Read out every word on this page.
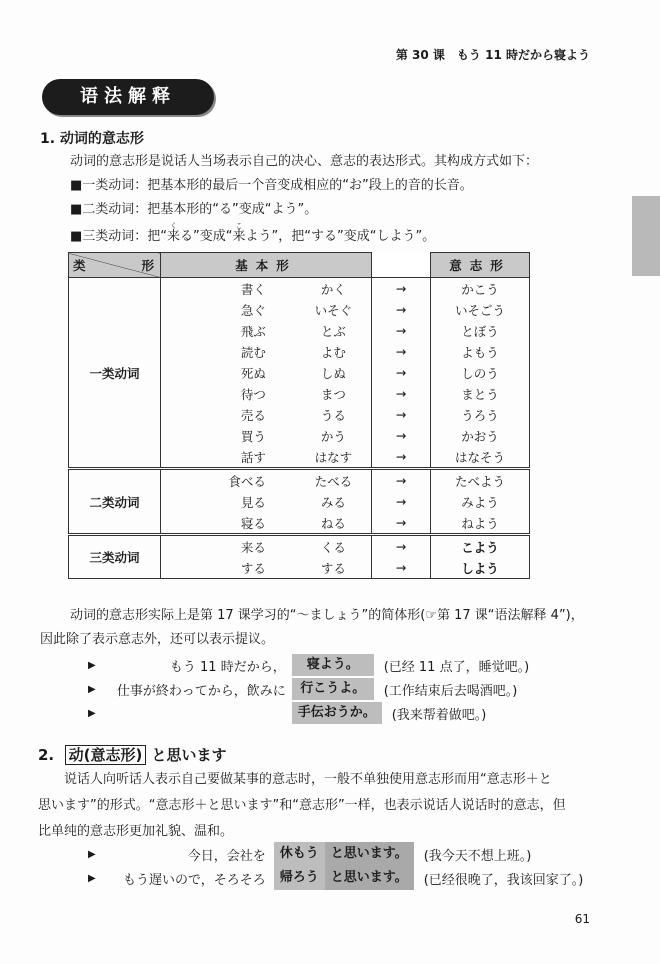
第 30 课　もう 11 時だから寝よう
语法解释
1. 动词的意志形
动词的意志形是说话人当场表示自己的决心、意志的表达形式。其构成方式如下：
■一类动词：把基本形的最后一个音变成相应的“お”段上的音的长音。
■二类动词：把基本形的“る”变成“よう”。
■三类动词：把“来くる”变成“来こよう”，把“する”变成“しよう”。
类 形	基本形			意志形
一类动词	書く	かく	→	かこう
	急ぐ	いそぐ	→	いそごう
	飛ぶ	とぶ	→	とぼう
	読む	よむ	→	よもう
	死ぬ	しぬ	→	しのう
	待つ	まつ	→	まとう
	売る	うる	→	うろう
	買う	かう	→	かおう
	話す	はなす	→	はなそう
二类动词	食べる	たべる	→	たべよう
	見る	みる	→	みよう
	寝る	ねる	→	ねよう
三类动词	来る	くる	→	こよう
	する	する	→	しよう
动词的意志形实际上是第 17 课学习的“～ましょう”的简体形(☞第 17 课“语法解释 4”)，
因此除了表示意志外，还可以表示提议。
▶	もう 11 時だから，	寝よう。	(已经 11 点了，睡觉吧。)
▶	仕事が終わってから，飲みに	行こうよ。	(工作结束后去喝酒吧。)
▶	手伝おうか。	(我来帮着做吧。)
2. 动(意志形) と思います
说话人向听话人表示自己要做某事的意志时，一般不单独使用意志形而用“意志形＋と
思います”的形式。“意志形＋と思います”和“意志形”一样，也表示说话人说话时的意志，但
比单纯的意志形更加礼貌、温和。
▶	今日，会社を	休もう と思います。	(我今天不想上班。)
▶	もう遅いので，そろそろ	帰ろう と思います。	(已经很晚了，我该回家了。)
61
